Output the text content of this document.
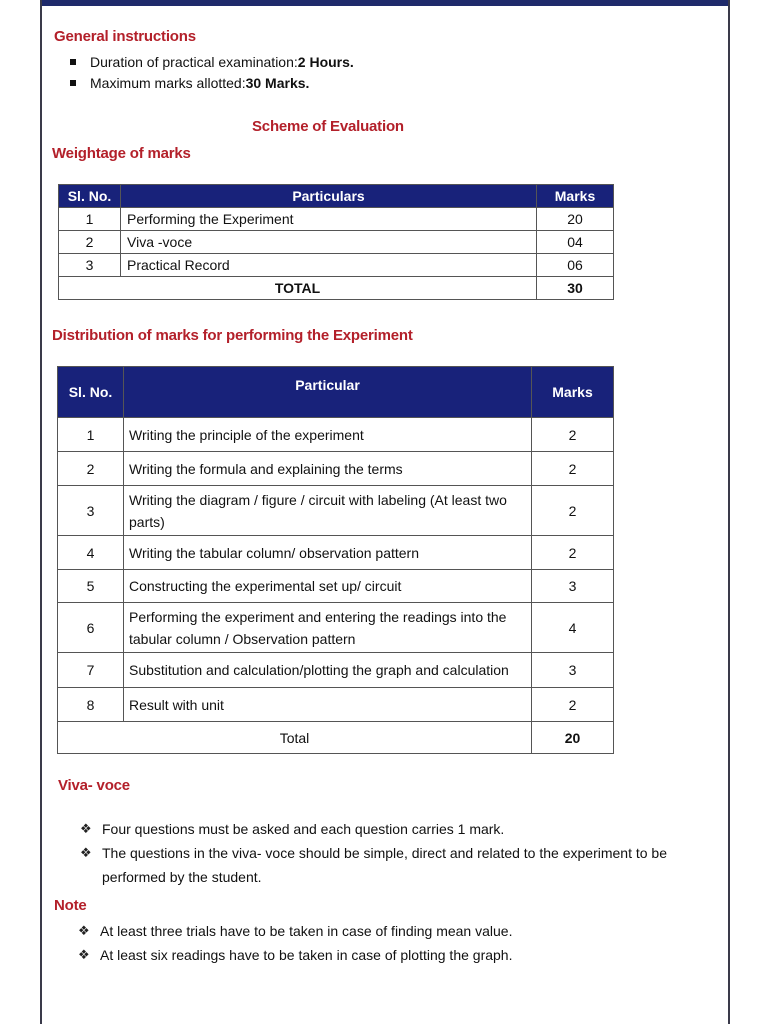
General instructions
Duration of practical examination: 2 Hours.
Maximum marks allotted: 30 Marks.
Scheme of Evaluation
Weightage of marks
Sl. No.	Particulars	Marks
1	Performing the Experiment	20
2	Viva -voce	04
3	Practical Record	06
TOTAL		30
Distribution of marks for performing the Experiment
Sl. No.	Particular	Marks
1	Writing the principle of the experiment	2
2	Writing the formula and explaining the terms	2
3	Writing the diagram / figure / circuit with labeling (At least two parts)	2
4	Writing the tabular column/ observation pattern	2
5	Constructing the experimental set up/ circuit	3
6	Performing the experiment and entering the readings into the tabular column / Observation pattern	4
7	Substitution and calculation/plotting the graph and calculation	3
8	Result with unit	2
Total		20
Viva- voce
❖ Four questions must be asked and each question carries 1 mark.
❖ The questions in the viva- voce should be simple, direct and related to the experiment to be performed by the student.
Note
❖ At least three trials have to be taken in case of finding mean value.
❖ At least six readings have to be taken in case of plotting the graph.
